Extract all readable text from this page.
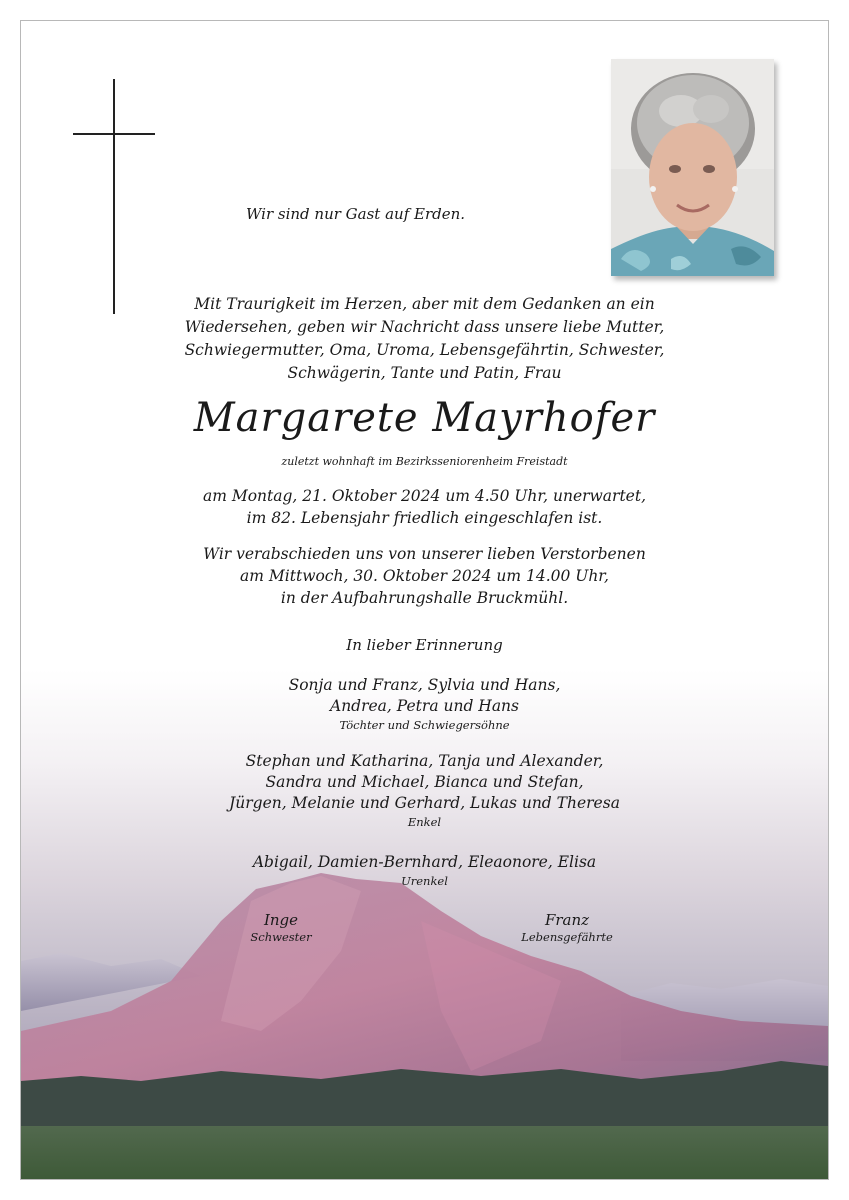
Wir sind nur Gast auf Erden.
Mit Traurigkeit im Herzen, aber mit dem Gedanken an ein
Wiedersehen, geben wir Nachricht dass unsere liebe Mutter,
Schwiegermutter, Oma, Uroma, Lebensgefährtin, Schwester,
Schwägerin, Tante und Patin, Frau
Margarete Mayrhofer
zuletzt wohnhaft im Bezirksseniorenheim Freistadt
am Montag, 21. Oktober 2024 um 4.50 Uhr, unerwartet,
im 82. Lebensjahr friedlich eingeschlafen ist.
Wir verabschieden uns von unserer lieben Verstorbenen
am Mittwoch, 30. Oktober 2024 um 14.00 Uhr,
in der Aufbahrungshalle Bruckmühl.
In lieber Erinnerung
Sonja und Franz, Sylvia und Hans,
Andrea, Petra und Hans
Töchter und Schwiegersöhne
Stephan und Katharina, Tanja und Alexander,
Sandra und Michael, Bianca und Stefan,
Jürgen, Melanie und Gerhard, Lukas und Theresa
Enkel
Abigail, Damien-Bernhard, Eleaonore, Elisa
Urenkel
Inge
Schwester
Franz
Lebensgefährte
